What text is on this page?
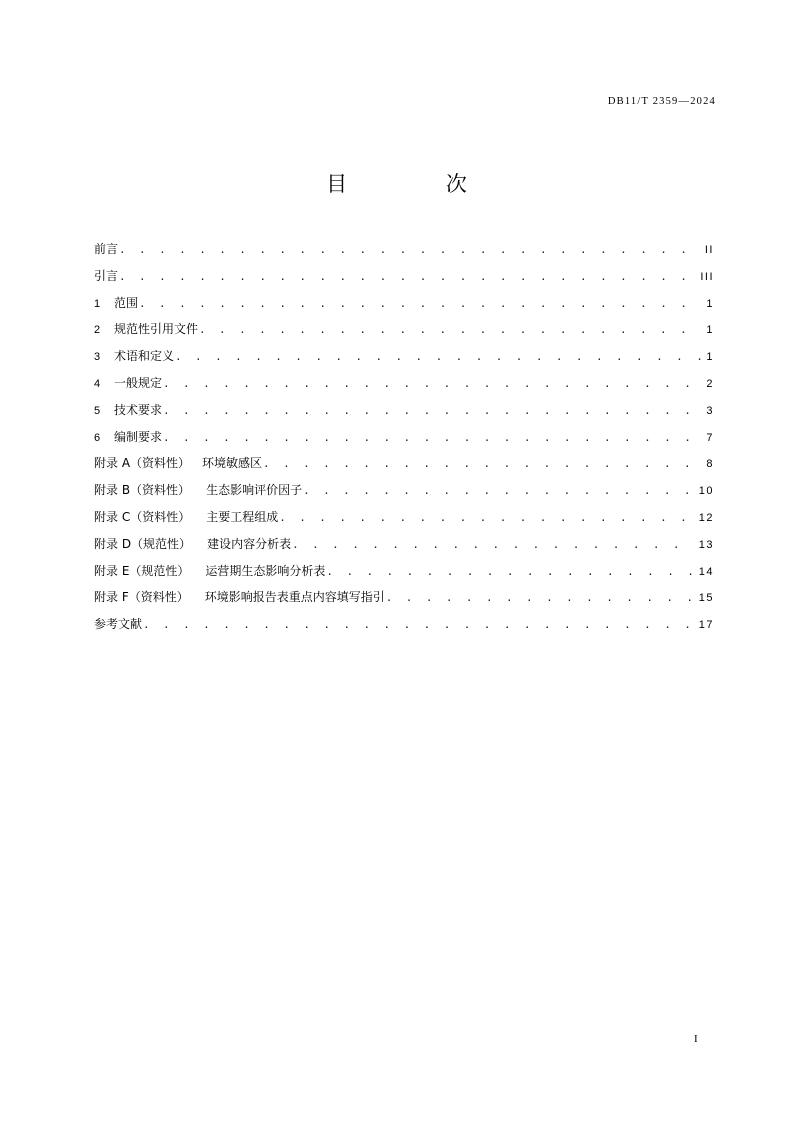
DB11/T 2359—2024
目 次
前言 . . .	II
引言 . . .	III
1	范围 . . .	1
2	规范性引用文件 . . .	1
3	术语和定义 . . .	1
4	一般规定 . . .	2
5	技术要求 . . .	3
6	编制要求 . . .	7
附录 A（资料性） 环境敏感区 . . .	8
附录 B（资料性） 生态影响评价因子 . . .	10
附录 C（资料性） 主要工程组成 . . .	12
附录 D（规范性） 建设内容分析表 . . .	13
附录 E（规范性） 运营期生态影响分析表 . . .	14
附录 F（资料性） 环境影响报告表重点内容填写指引 . . .	15
参考文献 . . .	17
I
